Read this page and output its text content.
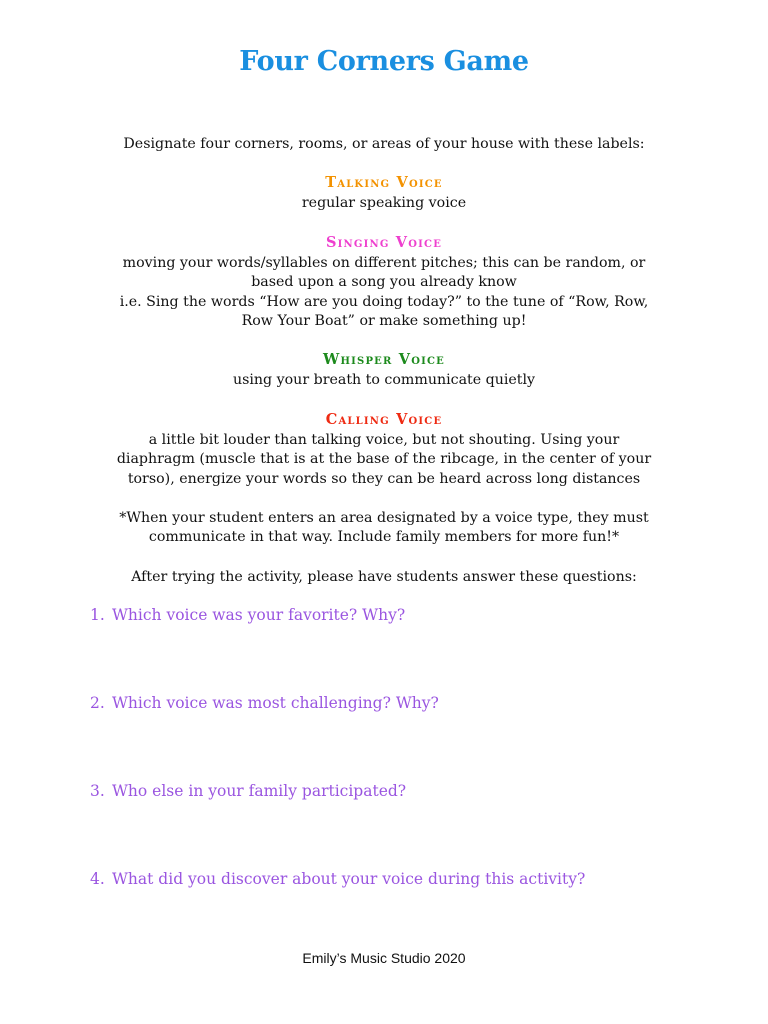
Four Corners Game

Designate four corners, rooms, or areas of your house with these labels:

Talking Voice

regular speaking voice

Singing Voice

moving your words/syllables on different pitches; this can be random, or
based upon a song you already know
i.e. Sing the words “How are you doing today?” to the tune of “Row, Row,
Row Your Boat” or make something up!

Whisper Voice

using your breath to communicate quietly

Calling Voice

a little bit louder than talking voice, but not shouting. Using your
diaphragm (muscle that is at the base of the ribcage, in the center of your
torso), energize your words so they can be heard across long distances
*When your student enters an area designated by a voice type, they must
communicate in that way. Include family members for more fun!*

After trying the activity, please have students answer these questions:

1. Which voice was your favorite? Why?

2. Which voice was most challenging? Why?

3. Who else in your family participated?

4. What did you discover about your voice during this activity?

Emily’s Music Studio 2020
